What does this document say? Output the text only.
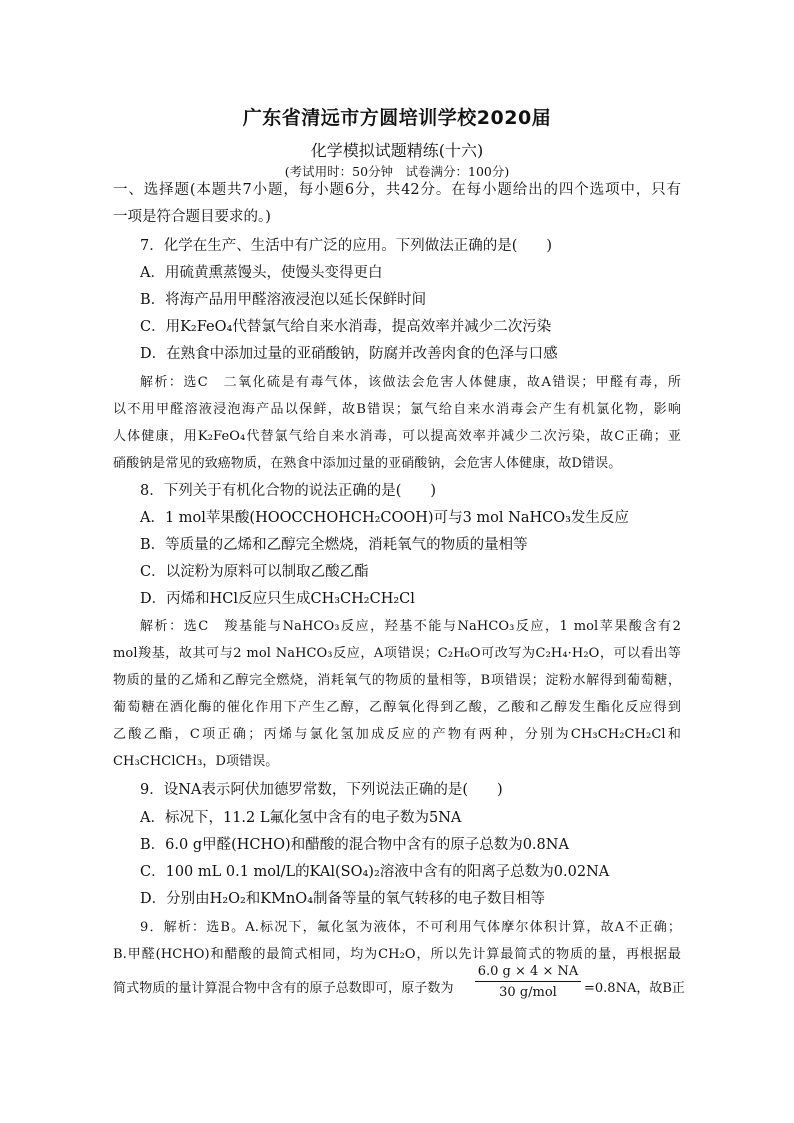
广东省清远市方圆培训学校2020届
化学模拟试题精练(十六)
(考试用时：50分钟　试卷满分：100分)
一、选择题(本题共7小题，每小题6分，共42分。在每小题给出的四个选项中，只有
一项是符合题目要求的。)
7．化学在生产、生活中有广泛的应用。下列做法正确的是(　　)
A．用硫黄熏蒸馒头，使馒头变得更白
B．将海产品用甲醛溶液浸泡以延长保鲜时间
C．用K₂FeO₄代替氯气给自来水消毒，提高效率并减少二次污染
D．在熟食中添加过量的亚硝酸钠，防腐并改善肉食的色泽与口感
解析：选C　二氧化硫是有毒气体，该做法会危害人体健康，故A错误；甲醛有毒，所
以不用甲醛溶液浸泡海产品以保鲜，故B错误；氯气给自来水消毒会产生有机氯化物，影响
人体健康，用K₂FeO₄代替氯气给自来水消毒，可以提高效率并减少二次污染，故C正确；亚
硝酸钠是常见的致癌物质，在熟食中添加过量的亚硝酸钠，会危害人体健康，故D错误。
8．下列关于有机化合物的说法正确的是(　　)
A．1 mol苹果酸(HOOCCHOHCH₂COOH)可与3 mol NaHCO₃发生反应
B．等质量的乙烯和乙醇完全燃烧，消耗氧气的物质的量相等
C．以淀粉为原料可以制取乙酸乙酯
D．丙烯和HCl反应只生成CH₃CH₂CH₂Cl
解析：选C　羧基能与NaHCO₃反应，羟基不能与NaHCO₃反应，1 mol苹果酸含有2
mol羧基，故其可与2 mol NaHCO₃反应，A项错误；C₂H₆O可改写为C₂H₄·H₂O，可以看出等
物质的量的乙烯和乙醇完全燃烧，消耗氧气的物质的量相等，B项错误；淀粉水解得到葡萄糖，
葡萄糖在酒化酶的催化作用下产生乙醇，乙醇氧化得到乙酸，乙酸和乙醇发生酯化反应得到
乙酸乙酯，C项正确；丙烯与氯化氢加成反应的产物有两种，分别为CH₃CH₂CH₂Cl和
CH₃CHClCH₃，D项错误。
9．设NA表示阿伏加德罗常数，下列说法正确的是(　　)
A．标况下，11.2 L氟化氢中含有的电子数为5NA
B．6.0 g甲醛(HCHO)和醋酸的混合物中含有的原子总数为0.8NA
C．100 mL 0.1 mol/L的KAl(SO₄)₂溶液中含有的阳离子总数为0.02NA
D．分别由H₂O₂和KMnO₄制备等量的氧气转移的电子数目相等
9．解析：选B。A.标况下，氟化氢为液体，不可利用气体摩尔体积计算，故A不正确；
B.甲醛(HCHO)和醋酸的最简式相同，均为CH₂O，所以先计算最简式的物质的量，再根据最
简式物质的量计算混合物中含有的原子总数即可，原子数为
6.0 g × 4 × NA
30 g/mol	=0.8NA，故B正
